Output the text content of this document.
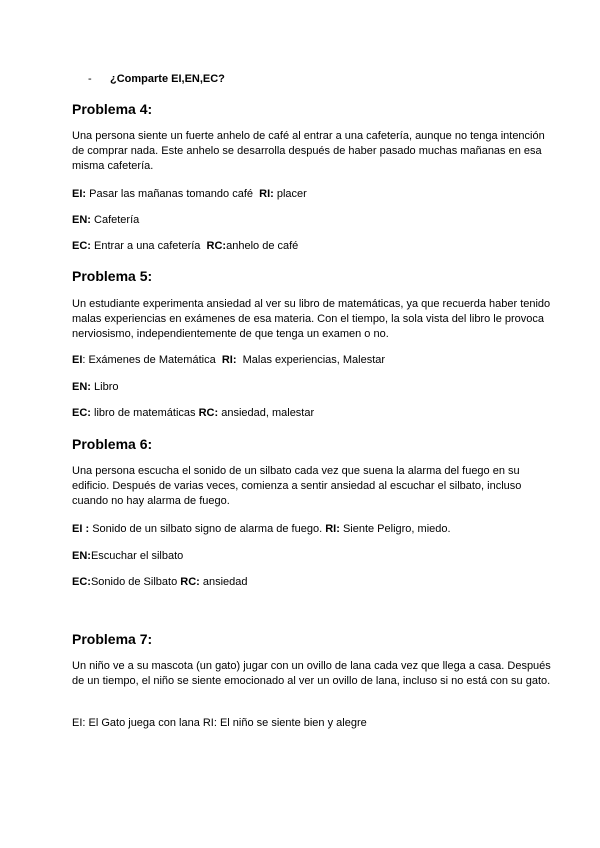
-	¿Comparte EI,EN,EC?
Problema 4:

Una persona siente un fuerte anhelo de café al entrar a una cafetería, aunque no tenga intención de comprar nada. Este anhelo se desarrolla después de haber pasado muchas mañanas en esa misma cafetería.

EI: Pasar las mañanas tomando café RI: placer
EN: Cafetería
EC: Entrar a una cafetería RC:anhelo de café
Problema 5:

Un estudiante experimenta ansiedad al ver su libro de matemáticas, ya que recuerda haber tenido malas experiencias en exámenes de esa materia. Con el tiempo, la sola vista del libro le provoca nerviosismo, independientemente de que tenga un examen o no.

EI: Exámenes de Matemática RI: Malas experiencias, Malestar
EN: Libro
EC: libro de matemáticas RC: ansiedad, malestar
Problema 6:

Una persona escucha el sonido de un silbato cada vez que suena la alarma del fuego en su edificio. Después de varias veces, comienza a sentir ansiedad al escuchar el silbato, incluso cuando no hay alarma de fuego.

EI : Sonido de un silbato signo de alarma de fuego. RI: Siente Peligro, miedo.
EN:Escuchar el silbato
EC:Sonido de Silbato RC: ansiedad
Problema 7:

Un niño ve a su mascota (un gato) jugar con un ovillo de lana cada vez que llega a casa. Después de un tiempo, el niño se siente emocionado al ver un ovillo de lana, incluso si no está con su gato.

EI: El Gato juega con lana RI: El niño se siente bien y alegre
